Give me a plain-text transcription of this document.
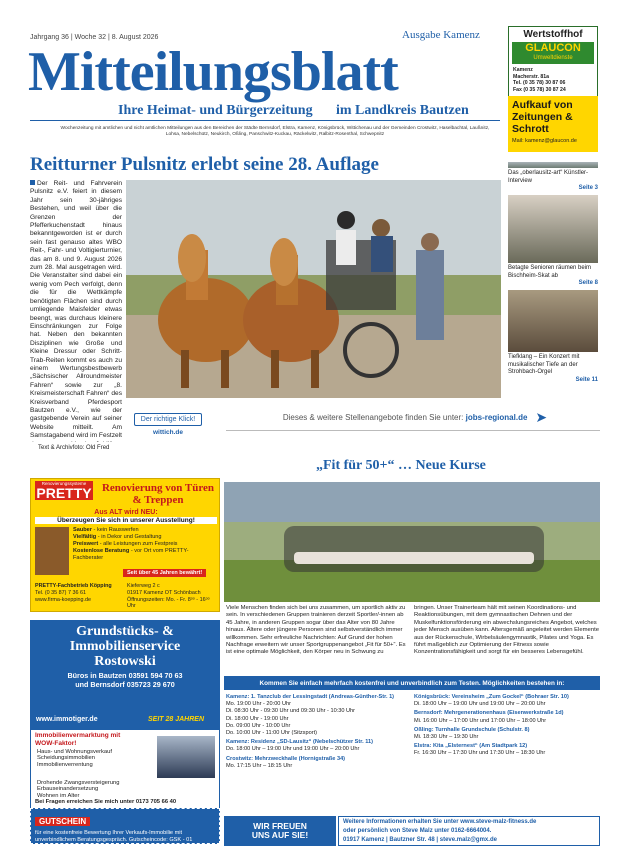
Jahrgang 36 | Woche 32 | 8. August 2026	Ausgabe Kamenz
Mitteilungsblatt
Ihre Heimat- und Bürgerzeitung im Landkreis Bautzen
Wochenzeitung mit amtlichen und nicht amtlichen Mitteilungen aus den Bereichen der Städte Bernsdorf, Elstra, Kamenz, Königsbrück, Wittichenau und der Gemeinden Crostwitz, Haselbachtal, Laußnitz, Lohsa, Nebelschütz, Neukirch, Oßling, Panschwitz-Kuckau, Räckelwitz, Ralbitz-Rosenthal, Schwepnitz
Wertstoffhof
GLAUCON
Umweltdienste
Kamenz
Macherstr. 81a
Tel. (0 35 78) 30 87 06
Fax (0 35 78) 30 87 24
Aufkauf von Zeitungen & Schrott
Mail: kamenz@glaucon.de
Reitturner Pulsnitz erlebt seine 28. Auflage
Der Reit- und Fahrverein Pulsnitz e.V. feiert in diesem Jahr sein 30-jähriges Bestehen, und weil über die Grenzen der Pfefferkuchenstadt hinaus bekanntgeworden ist er durch sein fast genauso altes WBO Reit-, Fahr- und Voltigierturnier, das am 8. und 9. August 2026 zum 28. Mal ausgetragen wird. Die Veranstalter sind dabei ein wenig vom Pech verfolgt, denn die für die Wettkämpfe benötigten Flächen sind durch umliegende Maisfelder etwas beengt, was durchaus kleinere Einschränkungen zur Folge hat. Neben den bekannten Disziplinen wie Große und Kleine Dressur oder Schritt-Trab-Reiten kommt es auch zu einem Wertungsbestbewerb „Sächsischer Allroundmeister Fahren“ sowie zur „8. Kreismeisterschaft Fahren“ des Kreisverband Pferdesport Bautzen e.V., wie der gastgebende Verein auf seiner Website mitteilt. Am Samstagabend wird im Festzelt
Text & Archivfoto: Old Fred
Der richtige Klick!
wittich.de
Das „oberlausitz-art“ Künstler-Interview
Seite 3
Betagte Senioren räumen beim Bischheim-Skat ab
Seite 8
Tiefklang – Ein Konzert mit musikalischer Tiefe an der Strohbach-Orgel
Seite 11
Dieses & weitere Stellenangebote finden Sie unter:
jobs-regional.de ➤
Renovierungssysteme
PRETTY Renovierung von Türen & Treppen
Aus ALT wird NEU:
Überzeugen Sie sich in unserer Ausstellung!
Sauber - kein Rauswerfen
Vielfältig - in Dekor und Gestaltung
Preiswert - alle Leistungen zum Festpreis
Kostenlose Beratung - vor Ort vom PRETTY-Fachberater
Seit über 45 Jahren bewährt!
PRETTY-Fachbetrieb Köpping
Tel. (0 35 87) 7 36 61
www.firma-koepping.de
Kieferweg 2 c
01917 Kamenz OT Schönbach
Öffnungszeiten: Mo. - Fr. 8ᵒᵒ - 16ᵒᵒ Uhr
Grundstücks- &
Immobilienservice
Rostowski
Büros in Bautzen 03591 594 70 63
und Bernsdorf 035723 29 670
www.immotiger.de	SEIT 28 JAHREN
Immobilienvermarktung mit WOW-Faktor!
Haus- und Wohnungsverkauf
Scheidungsimmobilien
Immobilienverrentung
Drohende Zwangsversteigerung
Erbauseinandersetzung
Wohnen im Alter
Bei Fragen erreichen Sie mich unter 0173 705 66 40
GUTSCHEIN
für eine kostenfreie Bewertung Ihrer Verkaufs-Immobilie mit unverbindlichem Beratungsgespräch. Gutscheincode: GSK - 01
„Fit für 50+“ … Neue Kurse
Viele Menschen finden sich bei uns zusammen, um sportlich aktiv zu sein. In verschiedenen Gruppen trainieren derzeit Sportler/-innen ab 45 Jahre, in anderen Gruppen sogar über das Alter von 80 Jahre hinaus. Ältere oder jüngere Personen sind selbstverständlich immer willkommen. Sehr erfreuliche Nachrichten: Auf Grund der hohen Nachfrage erweitern wir unser Sportgruppenangebot „Fit für 50+“. Es ist eine optimale Möglichkeit, den Körper neu in Schwung zu
bringen. Unser Trainerteam hält mit seinen Koordinations- und Reaktionsübungen, mit dem gymnastischen Dehnen und der Muskelfunktionsförderung ein abwechslungsreiches Angebot, welches jeder Mensch ausüben kann. Altersgemäß angeleitet werden Elemente aus der Rückenschule, Wirbelsäulengymnastik, Pilates und Yoga. Es führt maßgeblich zur Optimierung der Fitness sowie Konzentrationsfähigkeit und sorgt für ein besseres Lebensgefühl.
Kommen Sie einfach mehrfach kostenfrei und unverbindlich zum Testen. Möglichkeiten bestehen in:
Kamenz: 1. Tanzclub der Lessingstadt (Andreas-Günther-Str. 1)
Mo. 19:00 Uhr - 20:00 Uhr
Di. 08:30 Uhr - 09:30 Uhr und 09:30 Uhr - 10:30 Uhr
Di. 18:00 Uhr - 19:00 Uhr
Do. 09:00 Uhr - 10:00 Uhr
Do. 10:00 Uhr - 11:00 Uhr (Sitzsport)
Kamenz: Residenz „SD-Lausitz“ (Nebelschützer Str. 11)
Do. 18:00 Uhr – 19:00 Uhr und 19:00 Uhr – 20:00 Uhr
Crostwitz: Mehrzweckhalle (Hornigstraße 34)
Mo. 17:15 Uhr – 18:15 Uhr
Königsbrück: Vereinsheim „Zum Gockel“ (Bohraer Str. 10)
Di. 18:00 Uhr – 19:00 Uhr und 19:00 Uhr – 20:00 Uhr
Bernsdorf: Mehrgenerationenhaus (Eisenwerkstraße 1d)
Mi. 16:00 Uhr – 17:00 Uhr und 17:00 Uhr – 18:00 Uhr
Oßling: Turnhalle Grundschule (Schulstr. 8)
Mi. 18:30 Uhr – 19:30 Uhr
Elstra: Kita „Elsternest“ (Am Stadtpark 12)
Fr. 16:30 Uhr – 17:30 Uhr und 17:30 Uhr – 18:30 Uhr
WIR FREUEN UNS AUF SIE!
Weitere Informationen erhalten Sie unter www.steve-malz-fitness.de
oder persönlich von Steve Malz unter 0162-6664004.
01917 Kamenz | Bautzner Str. 48 | steve.malz@gmx.de
